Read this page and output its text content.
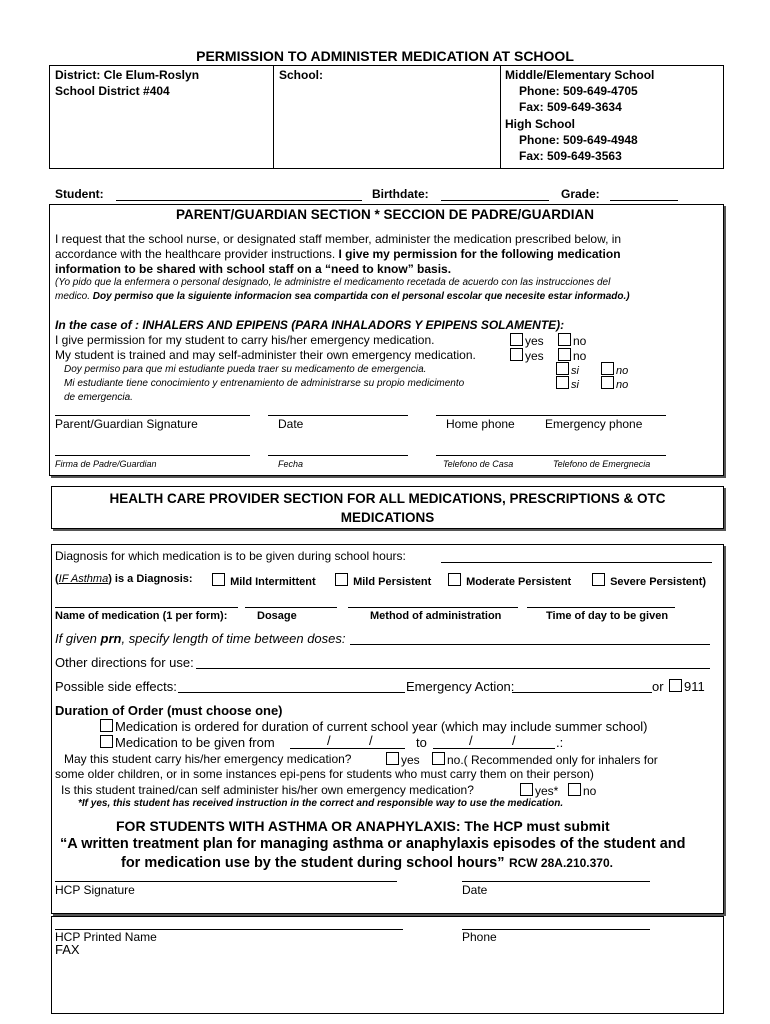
PERMISSION TO ADMINISTER MEDICATION AT SCHOOL
District: Cle Elum-Roslyn
School District #404
School:	Middle/Elementary School
Phone: 509-649-4705
Fax: 509-649-3634
High School
Phone: 509-649-4948
Fax: 509-649-3563
Student:	Birthdate:	Grade:
PARENT/GUARDIAN SECTION * SECCION DE PADRE/GUARDIAN
I request that the school nurse, or designated staff member, administer the medication prescribed below, in
accordance with the healthcare provider instructions. I give my permission for the following medication
information to be shared with school staff on a “need to know” basis.
(Yo pido que la enfermera o personal designado, le administre el medicamento recetada de acuerdo con las instrucciones del
medico. Doy permiso que la siguiente informacion sea compartida con el personal escolar que necesite estar informado.)
In the case of : INHALERS AND EPIPENS (PARA INHALADORS Y EPIPENS SOLAMENTE):
I give permission for my student to carry his/her emergency medication.	yes	no
My student is trained and may self-administer their own emergency medication.	yes	no
Doy permiso para que mi estudiante pueda traer su medicamento de emergencia.	si	no
Mi estudiante tiene conocimiento y entrenamiento de administrarse su propio medicimento	si	no
de emergencia.
Parent/Guardian Signature	Date	Home phone	Emergency phone
Firma de Padre/Guardian	Fecha	Telefono de Casa	Telefono de Emergnecia
HEALTH CARE PROVIDER SECTION FOR ALL MEDICATIONS, PRESCRIPTIONS & OTC
MEDICATIONS
Diagnosis for which medication is to be given during school hours:
(IF Asthma) is a Diagnosis:	Mild Intermittent	Mild Persistent	Moderate Persistent	Severe Persistent)
Name of medication (1 per form):	Dosage	Method of administration	Time of day to be given
If given prn, specify length of time between doses:
Other directions for use:
Possible side effects:	Emergency Action:	or	911
Duration of Order (must choose one)
Medication is ordered for duration of current school year (which may include summer school)
Medication to be given from	/	/	to	/	/	.:
May this student carry his/her emergency medication?	yes	no.( Recommended only for inhalers for
some older children, or in some instances epi-pens for students who must carry them on their person)
Is this student trained/can self administer his/her own emergency medication?	yes*	no
*If yes, this student has received instruction in the correct and responsible way to use the medication.
FOR STUDENTS WITH ASTHMA OR ANAPHYLAXIS: The HCP must submit
“A written treatment plan for managing asthma or anaphylaxis episodes of the student and
for medication use by the student during school hours” RCW 28A.210.370.
HCP Signature	Date
HCP Printed Name	Phone
FAX
